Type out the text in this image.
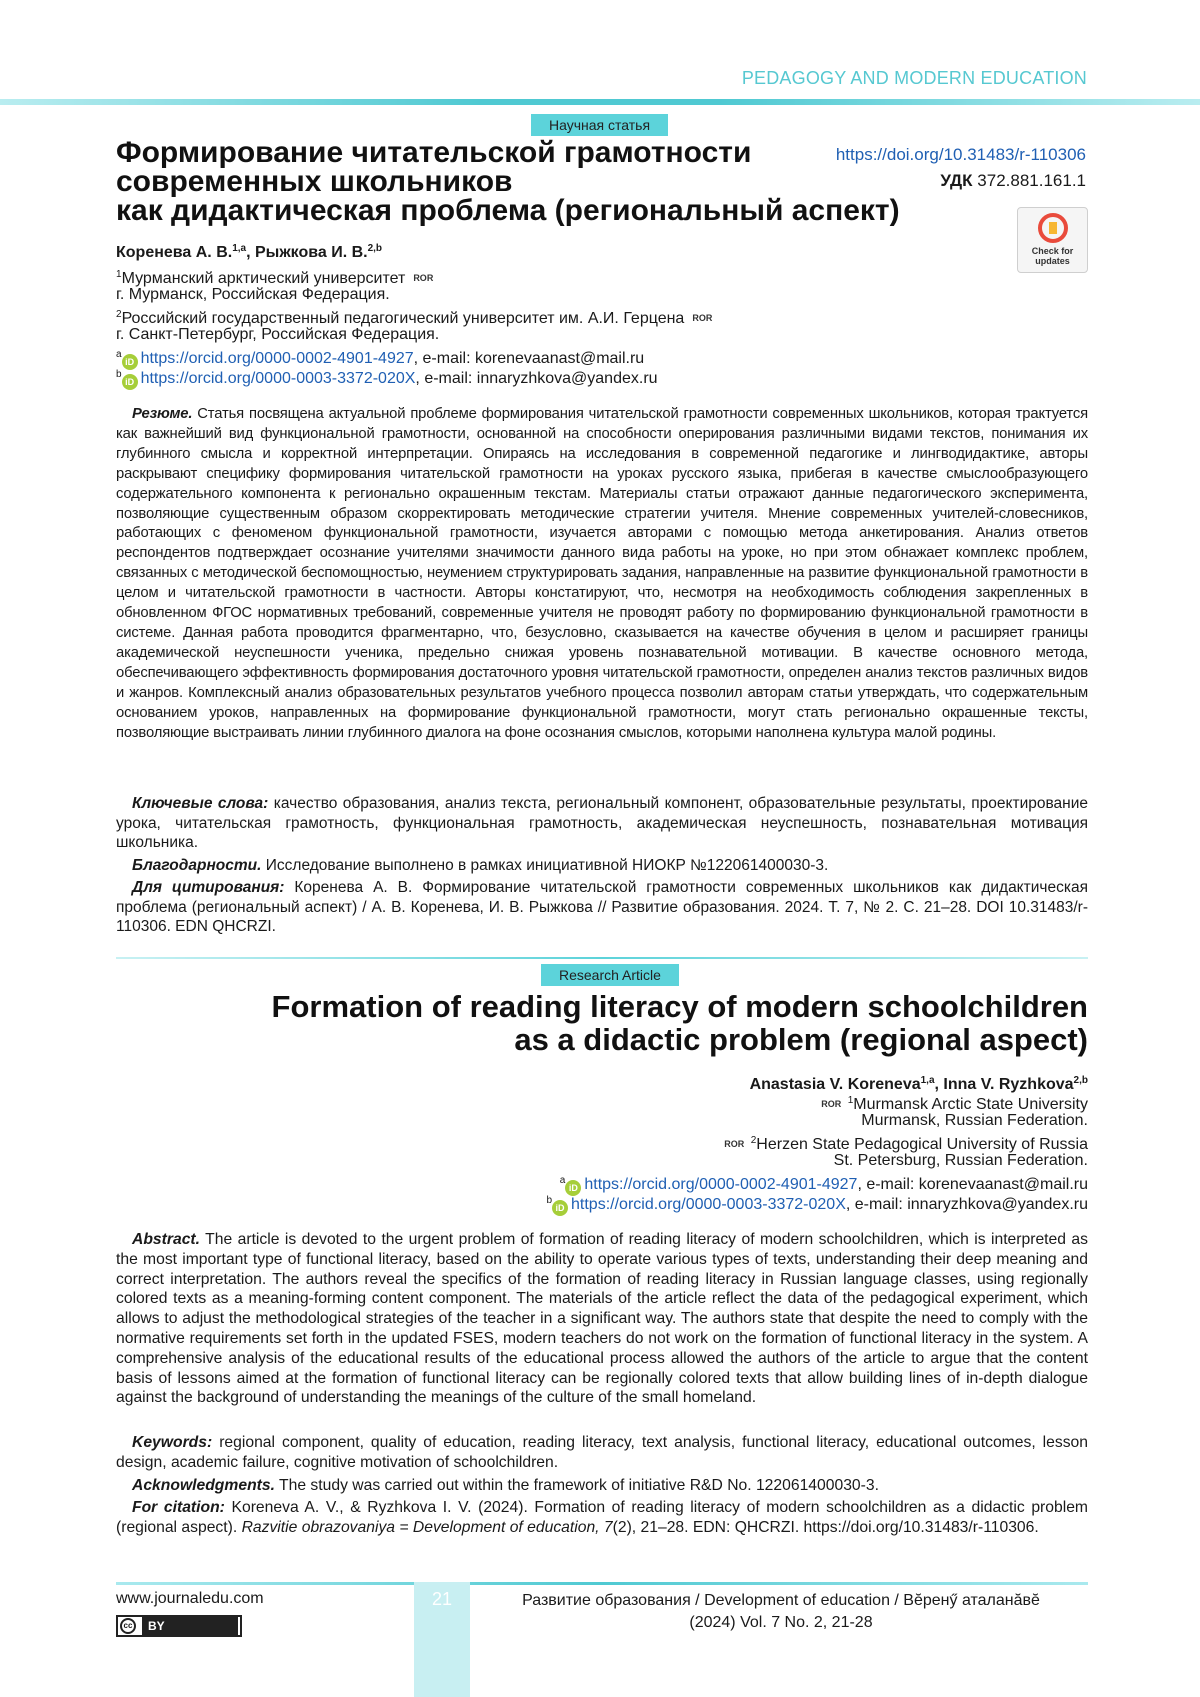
PEDAGOGY AND MODERN EDUCATION
Научная статья
Формирование читательской грамотности
современных школьников
как дидактическая проблема (региональный аспект)
https://doi.org/10.31483/r-110306
УДК 372.881.161.1
Check for
updates
Коренева А. В.1,a, Рыжкова И. В.2,b
1Мурманский арктический университет ROR
г. Мурманск, Российская Федерация.
2Российский государственный педагогический университет им. А.И. Герцена ROR
г. Санкт-Петербург, Российская Федерация.
aiD https://orcid.org/0000-0002-4901-4927, e-mail: korenevaanast@mail.ru
biD https://orcid.org/0000-0003-3372-020X, e-mail: innaryzhkova@yandex.ru
Резюме. Статья посвящена актуальной проблеме формирования читательской грамотности современных школьников, которая трактуется как важнейший вид функциональной грамотности, основанной на способности оперирования различными видами текстов, понимания их глубинного смысла и корректной интерпретации. Опираясь на исследования в современной педагогике и лингводидактике, авторы раскрывают специфику формирования читательской грамотности на уроках русского языка, прибегая в качестве смыслообразующего содержательного компонента к регионально окрашенным текстам. Материалы статьи отражают данные педагогического эксперимента, позволяющие существенным образом скорректировать методические стратегии учителя. Мнение современных учителей-словесников, работающих с феноменом функциональной грамотности, изучается авторами с помощью метода анкетирования. Анализ ответов респондентов подтверждает осознание учителями значимости данного вида работы на уроке, но при этом обнажает комплекс проблем, связанных с методической беспомощностью, неумением структурировать задания, направленные на развитие функциональной грамотности в целом и читательской грамотности в частности. Авторы констатируют, что, несмотря на необходимость соблюдения закрепленных в обновленном ФГОС нормативных требований, современные учителя не проводят работу по формированию функциональной грамотности в системе. Данная работа проводится фрагментарно, что, безусловно, сказывается на качестве обучения в целом и расширяет границы академической неуспешности ученика, предельно снижая уровень познавательной мотивации. В качестве основного метода, обеспечивающего эффективность формирования достаточного уровня читательской грамотности, определен анализ текстов различных видов и жанров. Комплексный анализ образовательных результатов учебного процесса позволил авторам статьи утверждать, что содержательным основанием уроков, направленных на формирование функциональной грамотности, могут стать регионально окрашенные тексты, позволяющие выстраивать линии глубинного диалога на фоне осознания смыслов, которыми наполнена культура малой родины.
Ключевые слова: качество образования, анализ текста, региональный компонент, образовательные результаты, проектирование урока, читательская грамотность, функциональная грамотность, академическая неуспешность, познавательная мотивация школьника.
Благодарности. Исследование выполнено в рамках инициативной НИОКР №122061400030-3.
Для цитирования: Коренева А. В. Формирование читательской грамотности современных школьников как дидактическая проблема (региональный аспект) / А. В. Коренева, И. В. Рыжкова // Развитие образования. 2024. Т. 7, № 2. С. 21–28. DOI 10.31483/r-110306. EDN QHCRZI.
Research Article
Formation of reading literacy of modern schoolchildren
as a didactic problem (regional aspect)
Anastasia V. Koreneva1,a, Inna V. Ryzhkova2,b
ROR 1Murmansk Arctic State University
Murmansk, Russian Federation.
ROR 2Herzen State Pedagogical University of Russia
St. Petersburg, Russian Federation.
aiD https://orcid.org/0000-0002-4901-4927, e-mail: korenevaanast@mail.ru
biD https://orcid.org/0000-0003-3372-020X, e-mail: innaryzhkova@yandex.ru
Abstract. The article is devoted to the urgent problem of formation of reading literacy of modern schoolchildren, which is interpreted as the most important type of functional literacy, based on the ability to operate various types of texts, understanding their deep meaning and correct interpretation. The authors reveal the specifics of the formation of reading literacy in Russian language classes, using regionally colored texts as a meaning-forming content component. The materials of the article reflect the data of the pedagogical experiment, which allows to adjust the methodological strategies of the teacher in a significant way. The authors state that despite the need to comply with the normative requirements set forth in the updated FSES, modern teachers do not work on the formation of functional literacy in the system. A comprehensive analysis of the educational results of the educational process allowed the authors of the article to argue that the content basis of lessons aimed at the formation of functional literacy can be regionally colored texts that allow building lines of in-depth dialogue against the background of understanding the meanings of the culture of the small homeland.
Keywords: regional component, quality of education, reading literacy, text analysis, functional literacy, educational outcomes, lesson design, academic failure, cognitive motivation of schoolchildren.
Acknowledgments. The study was carried out within the framework of initiative R&D No. 122061400030-3.
For citation: Koreneva A. V., & Ryzhkova I. V. (2024). Formation of reading literacy of modern schoolchildren as a didactic problem (regional aspect). Razvitie obrazovaniya = Development of education, 7(2), 21–28. EDN: QHCRZI. https://doi.org/10.31483/r-110306.
21
www.journaledu.com
cc	BY
Развитие образования / Development of education / Вĕренӳ аталанăвĕ
(2024) Vol. 7 No. 2, 21-28
